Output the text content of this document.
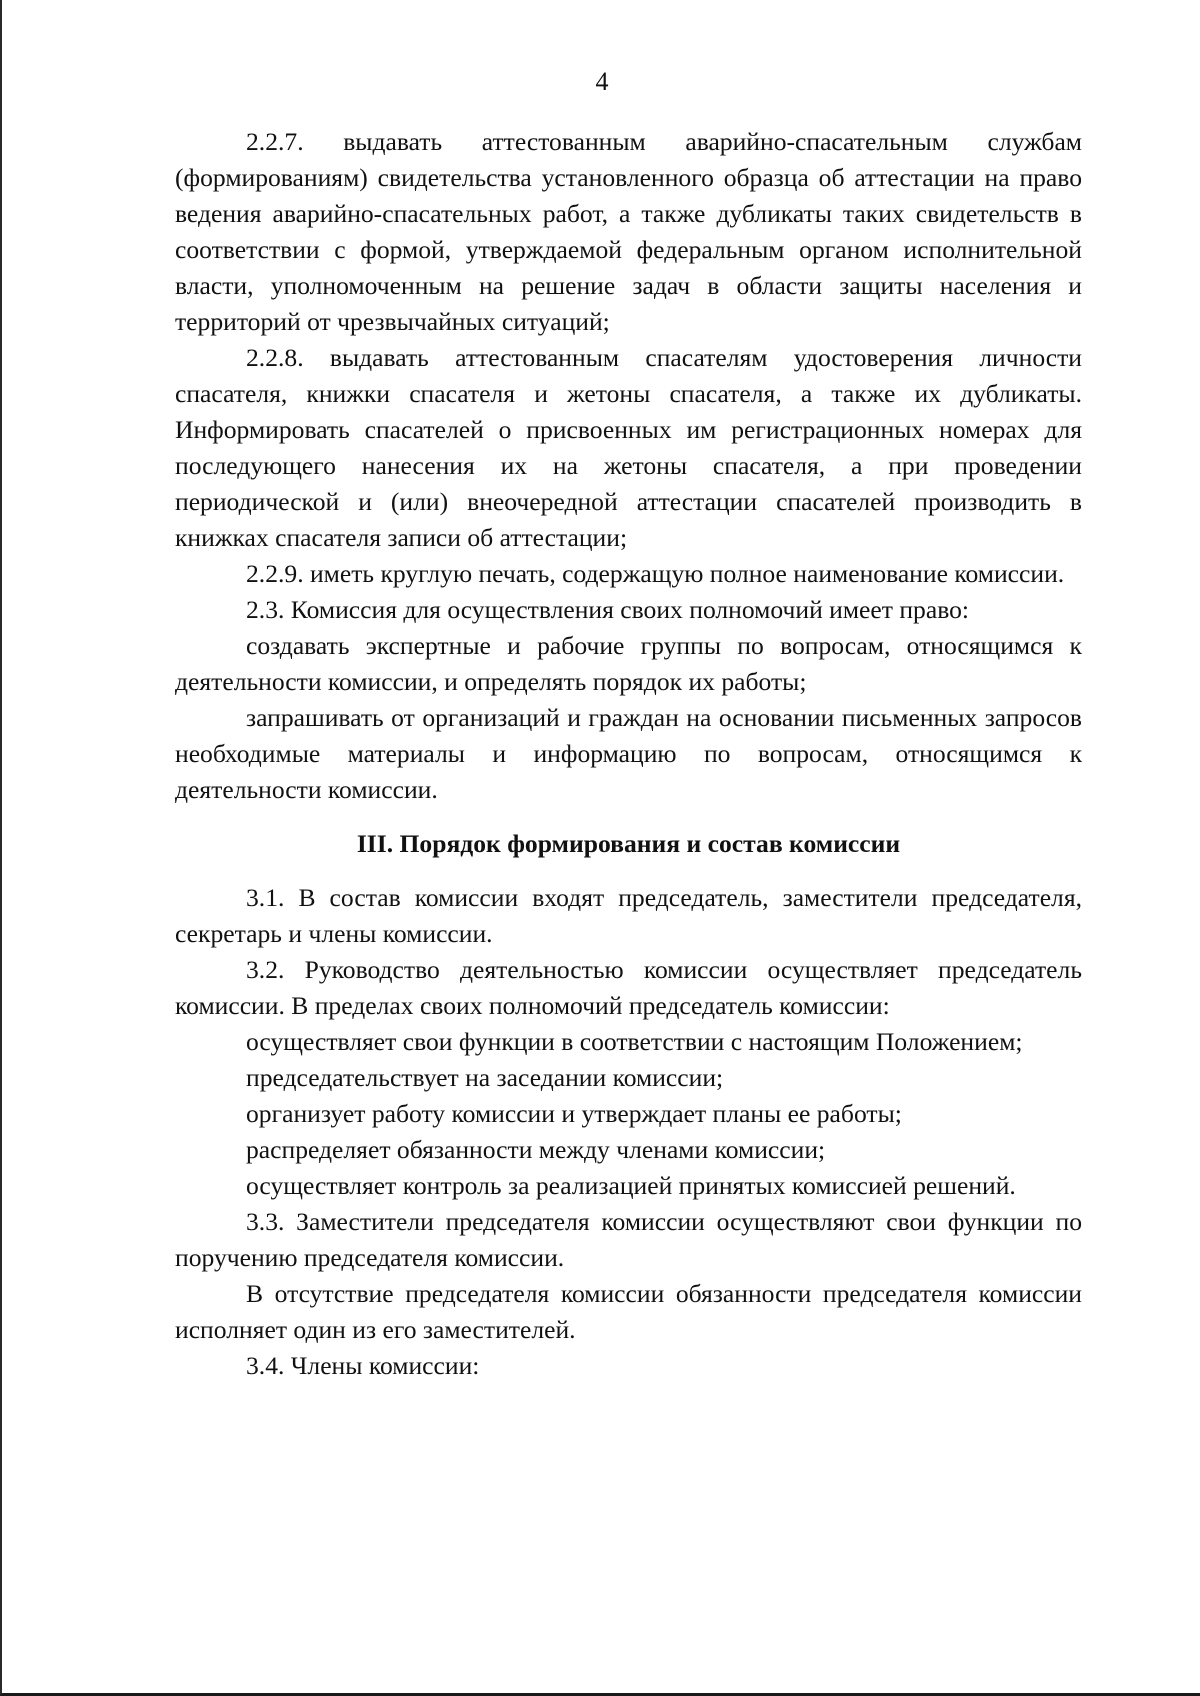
4

2.2.7. выдавать аттестованным аварийно-спасательным службам (формированиям) свидетельства установленного образца об аттестации на право ведения аварийно-спасательных работ, а также дубликаты таких свидетельств в соответствии с формой, утверждаемой федеральным органом исполнительной власти, уполномоченным на решение задач в области защиты населения и территорий от чрезвычайных ситуаций;

2.2.8. выдавать аттестованным спасателям удостоверения личности спасателя, книжки спасателя и жетоны спасателя, а также их дубликаты. Информировать спасателей о присвоенных им регистрационных номерах для последующего нанесения их на жетоны спасателя, а при проведении периодической и (или) внеочередной аттестации спасателей производить в книжках спасателя записи об аттестации;

2.2.9. иметь круглую печать, содержащую полное наименование комиссии.

2.3. Комиссия для осуществления своих полномочий имеет право:

создавать экспертные и рабочие группы по вопросам, относящимся к деятельности комиссии, и определять порядок их работы;

запрашивать от организаций и граждан на основании письменных запросов необходимые материалы и информацию по вопросам, относящимся к деятельности комиссии.

III. Порядок формирования и состав комиссии

3.1. В состав комиссии входят председатель, заместители председателя, секретарь и члены комиссии.

3.2. Руководство деятельностью комиссии осуществляет председатель комиссии. В пределах своих полномочий председатель комиссии:

осуществляет свои функции в соответствии с настоящим Положением;

председательствует на заседании комиссии;

организует работу комиссии и утверждает планы ее работы;

распределяет обязанности между членами комиссии;

осуществляет контроль за реализацией принятых комиссией решений.

3.3. Заместители председателя комиссии осуществляют свои функции по поручению председателя комиссии.

В отсутствие председателя комиссии обязанности председателя комиссии исполняет один из его заместителей.

3.4. Члены комиссии:
